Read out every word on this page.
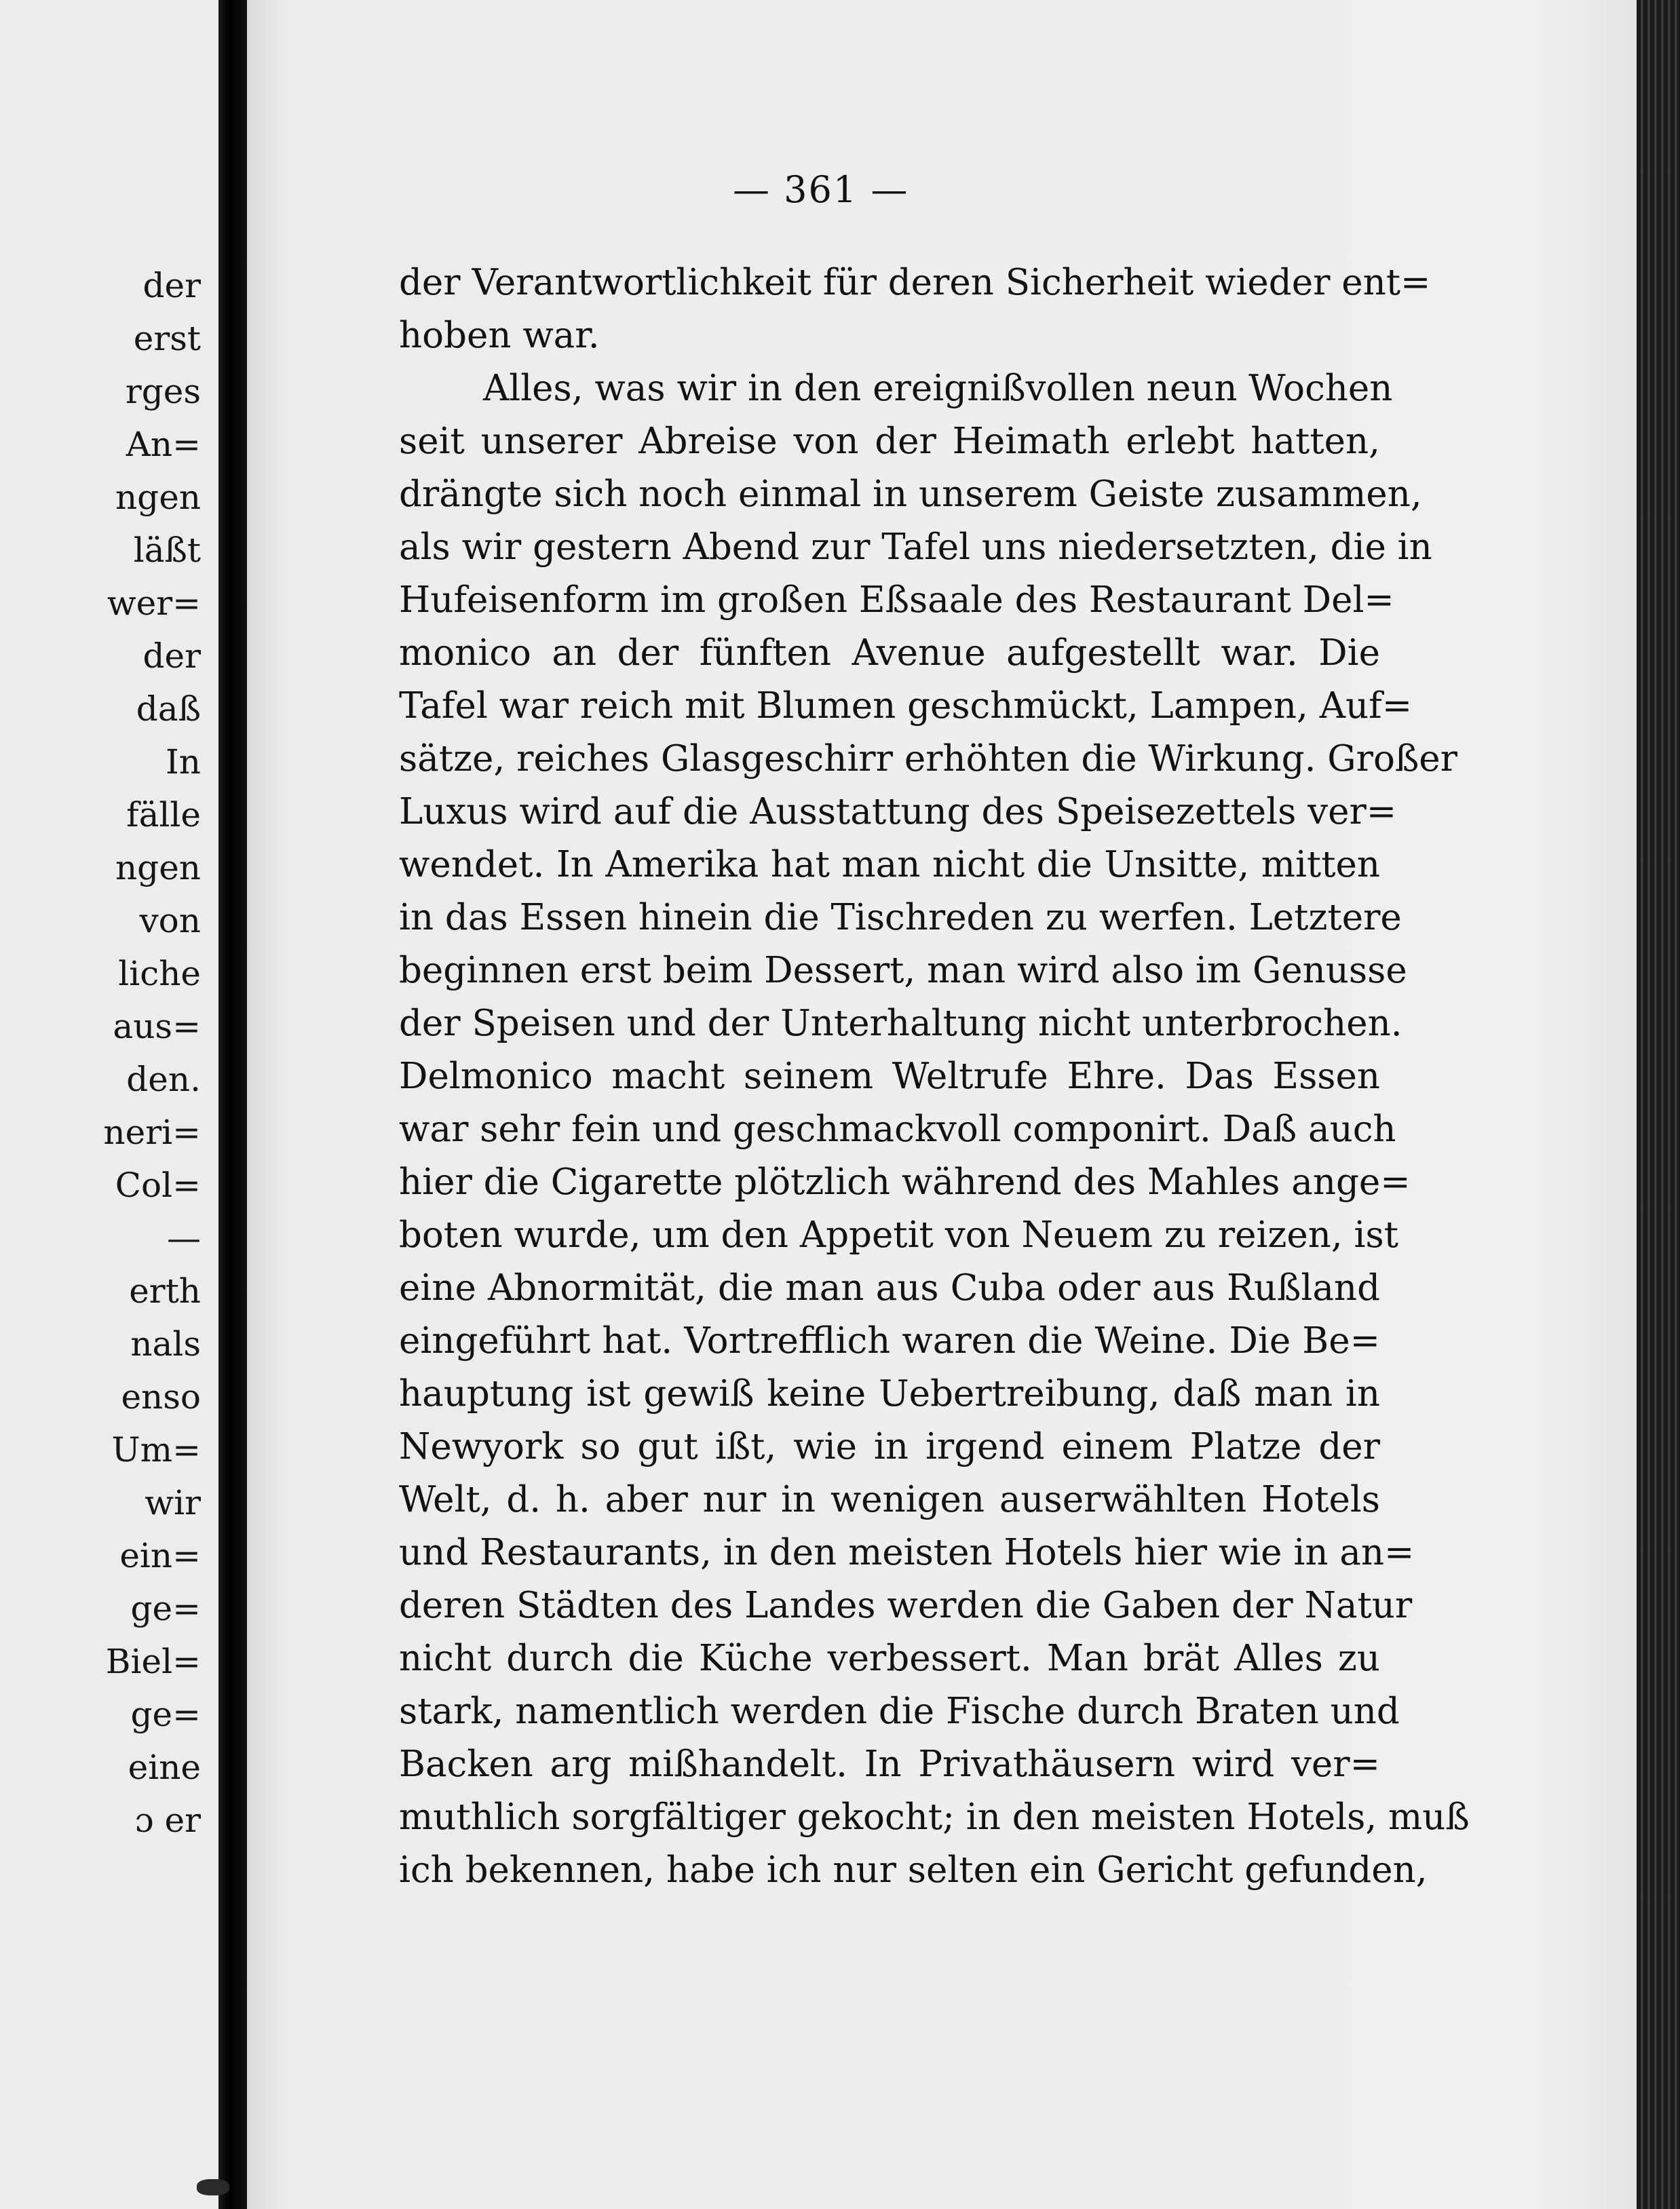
der
erst
rges
An=
ngen
läßt
wer=
der
daß
In
fälle
ngen
von
liche
aus=
den.
neri=
Col=
—
erth
nals
enso
Um=
wir
ein=
ge=
Biel=
ge=
eine
ɔ er
— 361 —
der Verantwortlichkeit für deren Sicherheit wieder ent=
hoben war.
Alles, was wir in den ereignißvollen neun Wochen
seit unserer Abreise von der Heimath erlebt hatten,
drängte sich noch einmal in unserem Geiste zusammen,
als wir gestern Abend zur Tafel uns niedersetzten, die in
Hufeisenform im großen Eßsaale des Restaurant Del=
monico an der fünften Avenue aufgestellt war. Die
Tafel war reich mit Blumen geschmückt, Lampen, Auf=
sätze, reiches Glasgeschirr erhöhten die Wirkung. Großer
Luxus wird auf die Ausstattung des Speisezettels ver=
wendet. In Amerika hat man nicht die Unsitte, mitten
in das Essen hinein die Tischreden zu werfen. Letztere
beginnen erst beim Dessert, man wird also im Genusse
der Speisen und der Unterhaltung nicht unterbrochen.
Delmonico macht seinem Weltrufe Ehre. Das Essen
war sehr fein und geschmackvoll componirt. Daß auch
hier die Cigarette plötzlich während des Mahles ange=
boten wurde, um den Appetit von Neuem zu reizen, ist
eine Abnormität, die man aus Cuba oder aus Rußland
eingeführt hat. Vortrefflich waren die Weine. Die Be=
hauptung ist gewiß keine Uebertreibung, daß man in
Newyork so gut ißt, wie in irgend einem Platze der
Welt, d. h. aber nur in wenigen auserwählten Hotels
und Restaurants, in den meisten Hotels hier wie in an=
deren Städten des Landes werden die Gaben der Natur
nicht durch die Küche verbessert. Man brät Alles zu
stark, namentlich werden die Fische durch Braten und
Backen arg mißhandelt. In Privathäusern wird ver=
muthlich sorgfältiger gekocht; in den meisten Hotels, muß
ich bekennen, habe ich nur selten ein Gericht gefunden,
